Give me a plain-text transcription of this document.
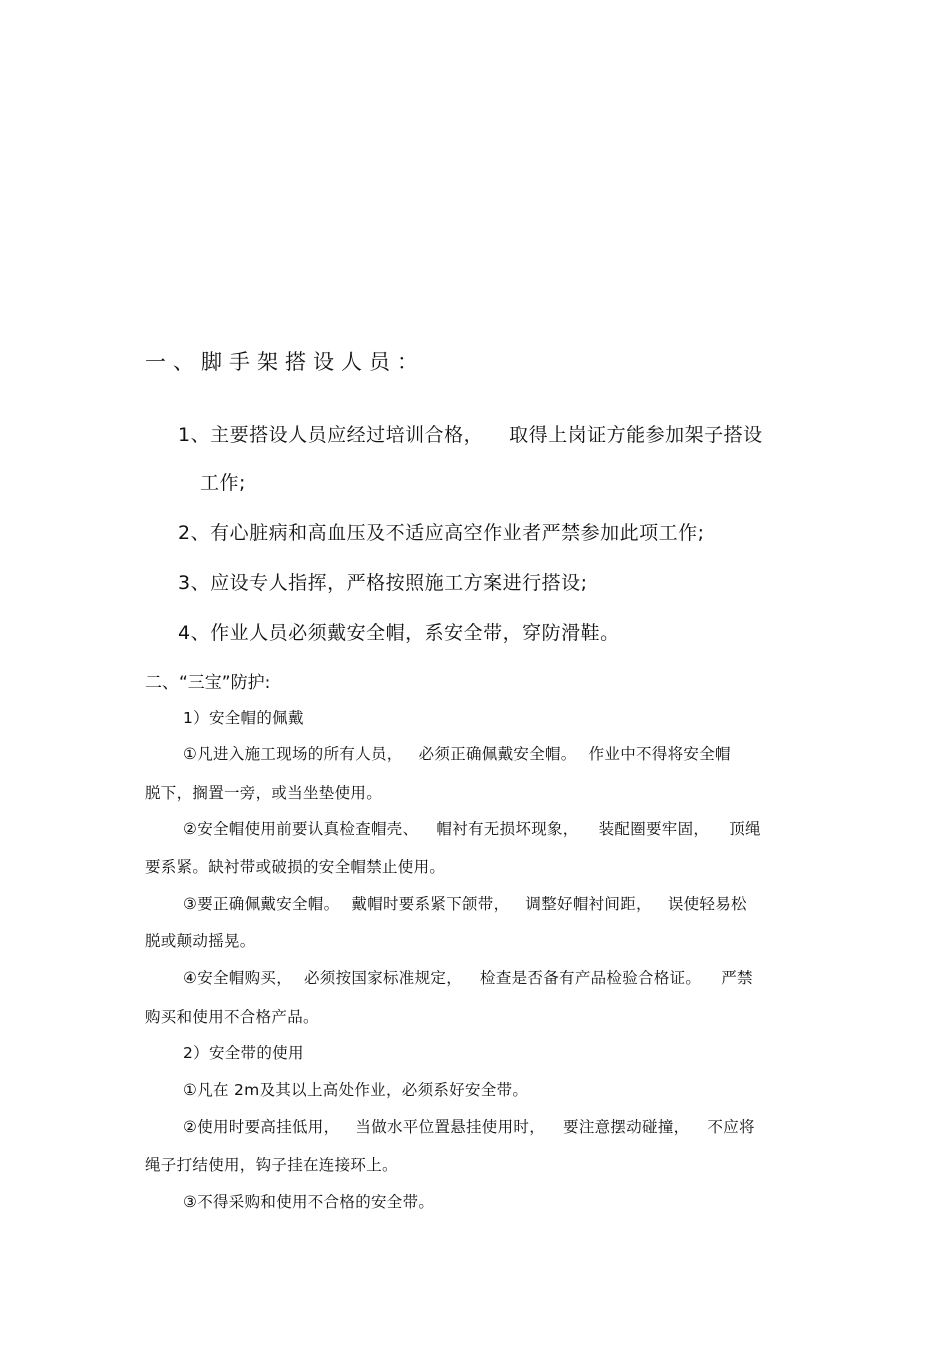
一、脚手架搭设人员：
1、主要搭设人员应经过培训合格， 取得上岗证方能参加架子搭设
工作;
2、有心脏病和高血压及不适应高空作业者严禁参加此项工作;
3、应设专人指挥，严格按照施工方案进行搭设;
4、作业人员必须戴安全帽，系安全带，穿防滑鞋。
二、“三宝”防护:
1）安全帽的佩戴
①凡进入施工现场的所有人员， 必须正确佩戴安全帽。 作业中不得将安全帽
脱下，搁置一旁，或当坐垫使用。
②安全帽使用前要认真检查帽壳、 帽衬有无损坏现象， 装配圈要牢固， 顶绳
要系紧。缺衬带或破损的安全帽禁止使用。
③要正确佩戴安全帽。 戴帽时要系紧下颌带， 调整好帽衬间距， 误使轻易松
脱或颠动摇晃。
④安全帽购买， 必须按国家标准规定， 检查是否备有产品检验合格证。 严禁
购买和使用不合格产品。
2）安全带的使用
①凡在 2m及其以上高处作业，必须系好安全带。
②使用时要高挂低用， 当做水平位置悬挂使用时， 要注意摆动碰撞， 不应将
绳子打结使用，钩子挂在连接环上。
③不得采购和使用不合格的安全带。
